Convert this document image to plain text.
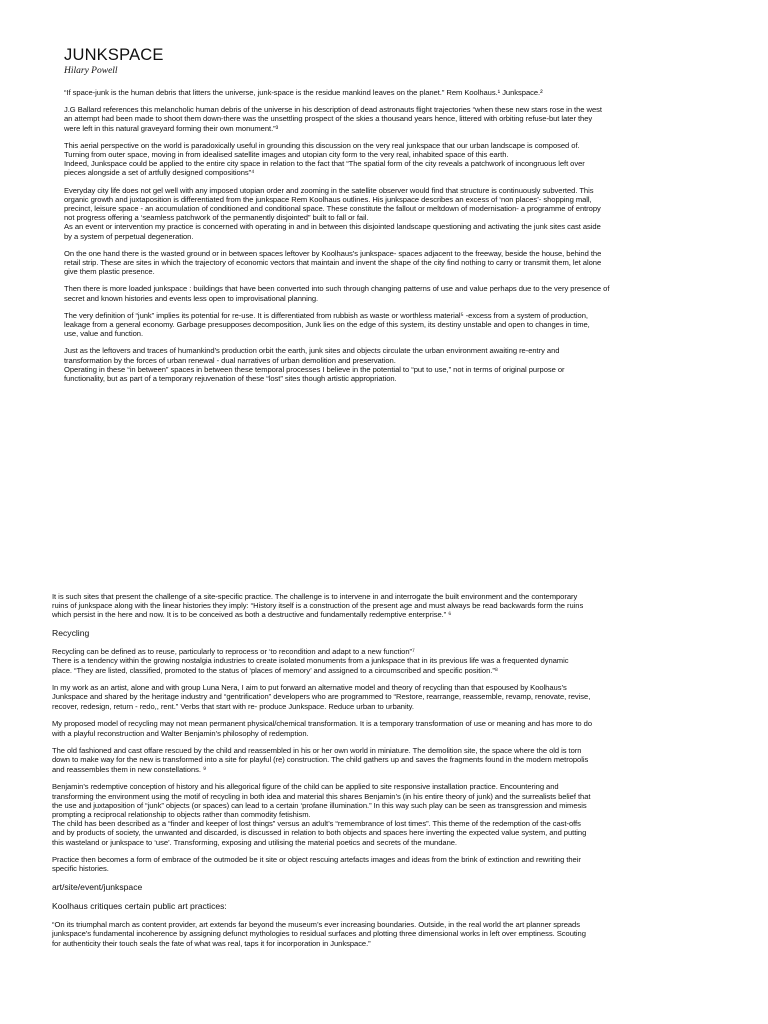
JUNKSPACE
Hilary Powell

“If space-junk is the human debris that litters the universe, junk-space is the residue mankind leaves on the planet.” Rem Koolhaus.¹ Junkspace.²

J.G Ballard references this melancholic human debris of the universe in his description of dead astronauts flight trajectories “when these new stars rose in the west
an attempt had been made to shoot them down-there was the unsettling prospect of the skies a thousand years hence, littered with orbiting refuse-but later they
were left in this natural graveyard forming their own monument.”³

This aerial perspective on the world is paradoxically useful in grounding this discussion on the very real junkspace that our urban landscape is composed of.
Turning from outer space, moving in from idealised satellite images and utopian city form to the very real, inhabited space of this earth.
Indeed, Junkspace could be applied to the entire city space in relation to the fact that “The spatial form of the city reveals a patchwork of incongruous left over
pieces alongside a set of artfully designed compositions”⁴

Everyday city life does not gel well with any imposed utopian order and zooming in the satellite observer would find that structure is continuously subverted. This
organic growth and juxtaposition is differentiated from the junkspace Rem Koolhaus outlines. His junkspace describes an excess of ‘non places’- shopping mall,
precinct, leisure space - an accumulation of conditioned and conditional space. These constitute the fallout or meltdown of modernisation- a programme of entropy
not progress offering a ‘seamless patchwork of the permanently disjointed” built to fall or fail.
As an event or intervention my practice is concerned with operating in and in between this disjointed landscape questioning and activating the junk sites cast aside
by a system of perpetual degeneration.

On the one hand there is the wasted ground or in between spaces leftover by Koolhaus’s junkspace- spaces adjacent to the freeway, beside the house, behind the
retail strip. These are sites in which the trajectory of economic vectors that maintain and invent the shape of the city find nothing to carry or transmit them, let alone
give them plastic presence.

Then there is more loaded junkspace : buildings that have been converted into such through changing patterns of use and value perhaps due to the very presence of
secret and known histories and events less open to improvisational planning.

The very definition of “junk” implies its potential for re-use. It is differentiated from rubbish as waste or worthless material⁵ -excess from a system of production,
leakage from a general economy. Garbage presupposes decomposition, Junk lies on the edge of this system, its destiny unstable and open to changes in time,
use, value and function.

Just as the leftovers and traces of humankind’s production orbit the earth, junk sites and objects circulate the urban environment awaiting re-entry and
transformation by the forces of urban renewal - dual narratives of urban demolition and preservation.
Operating in these “in between” spaces in between these temporal processes I believe in the potential to “put to use,” not in terms of original purpose or
functionality, but as part of a temporary rejuvenation of these “lost” sites though artistic appropriation.

It is such sites that present the challenge of a site-specific practice. The challenge is to intervene in and interrogate the built environment and the contemporary
ruins of junkspace along with the linear histories they imply: “History itself is a construction of the present age and must always be read backwards form the ruins
which persist in the here and now. It is to be conceived as both a destructive and fundamentally redemptive enterprise.” ⁶

Recycling

Recycling can be defined as to reuse, particularly to reprocess or ‘to recondition and adapt to a new function”⁷
There is a tendency within the growing nostalgia industries to create isolated monuments from a junkspace that in its previous life was a frequented dynamic
place. “They are listed, classified, promoted to the status of ‘places of memory’ and assigned to a circumscribed and specific position.”⁸

In my work as an artist, alone and with group Luna Nera, I aim to put forward an alternative model and theory of recycling than that espoused by Koolhaus’s
Junkspace and shared by the heritage industry and “gentrification” developers who are programmed to “Restore, rearrange, reassemble, revamp, renovate, revise,
recover, redesign, return - redo,, rent.” Verbs that start with re- produce Junkspace. Reduce urban to urbanity.

My proposed model of recycling may not mean permanent physical/chemical transformation. It is a temporary transformation of use or meaning and has more to do
with a playful reconstruction and Walter Benjamin’s philosophy of redemption.

The old fashioned and cast offare rescued by the child and reassembled in his or her own world in miniature. The demolition site, the space where the old is torn
down to make way for the new is transformed into a site for playful (re) construction. The child gathers up and saves the fragments found in the modern metropolis
and reassembles them in new constellations. ⁹

Benjamin’s redemptive conception of history and his allegorical figure of the child can be applied to site responsive installation practice. Encountering and
transforming the environment using the motif of recycling in both idea and material this shares Benjamin’s (in his entire theory of junk) and the surrealists belief that
the use and juxtaposition of “junk” objects (or spaces) can lead to a certain ‘profane illumination.” In this way such play can be seen as transgression and mimesis
prompting a reciprocal relationship to objects rather than commodity fetishism.
The child has been described as a “finder and keeper of lost things” versus an adult’s “remembrance of lost times”. This theme of the redemption of the cast-offs
and by products of society, the unwanted and discarded, is discussed in relation to both objects and spaces here inverting the expected value system, and putting
this wasteland or junkspace to ‘use’. Transforming, exposing and utilising the material poetics and secrets of the mundane.

Practice then becomes a form of embrace of the outmoded be it site or object rescuing artefacts images and ideas from the brink of extinction and rewriting their
specific histories.

art/site/event/junkspace
Koolhaus critiques certain public art practices:

“On its triumphal march as content provider, art extends far beyond the museum’s ever increasing boundaries. Outside, in the real world the art planner spreads
junkspace’s fundamental incoherence by assigning defunct mythologies to residual surfaces and plotting three dimensional works in left over emptiness. Scouting
for authenticity their touch seals the fate of what was real, taps it for incorporation in Junkspace.”
